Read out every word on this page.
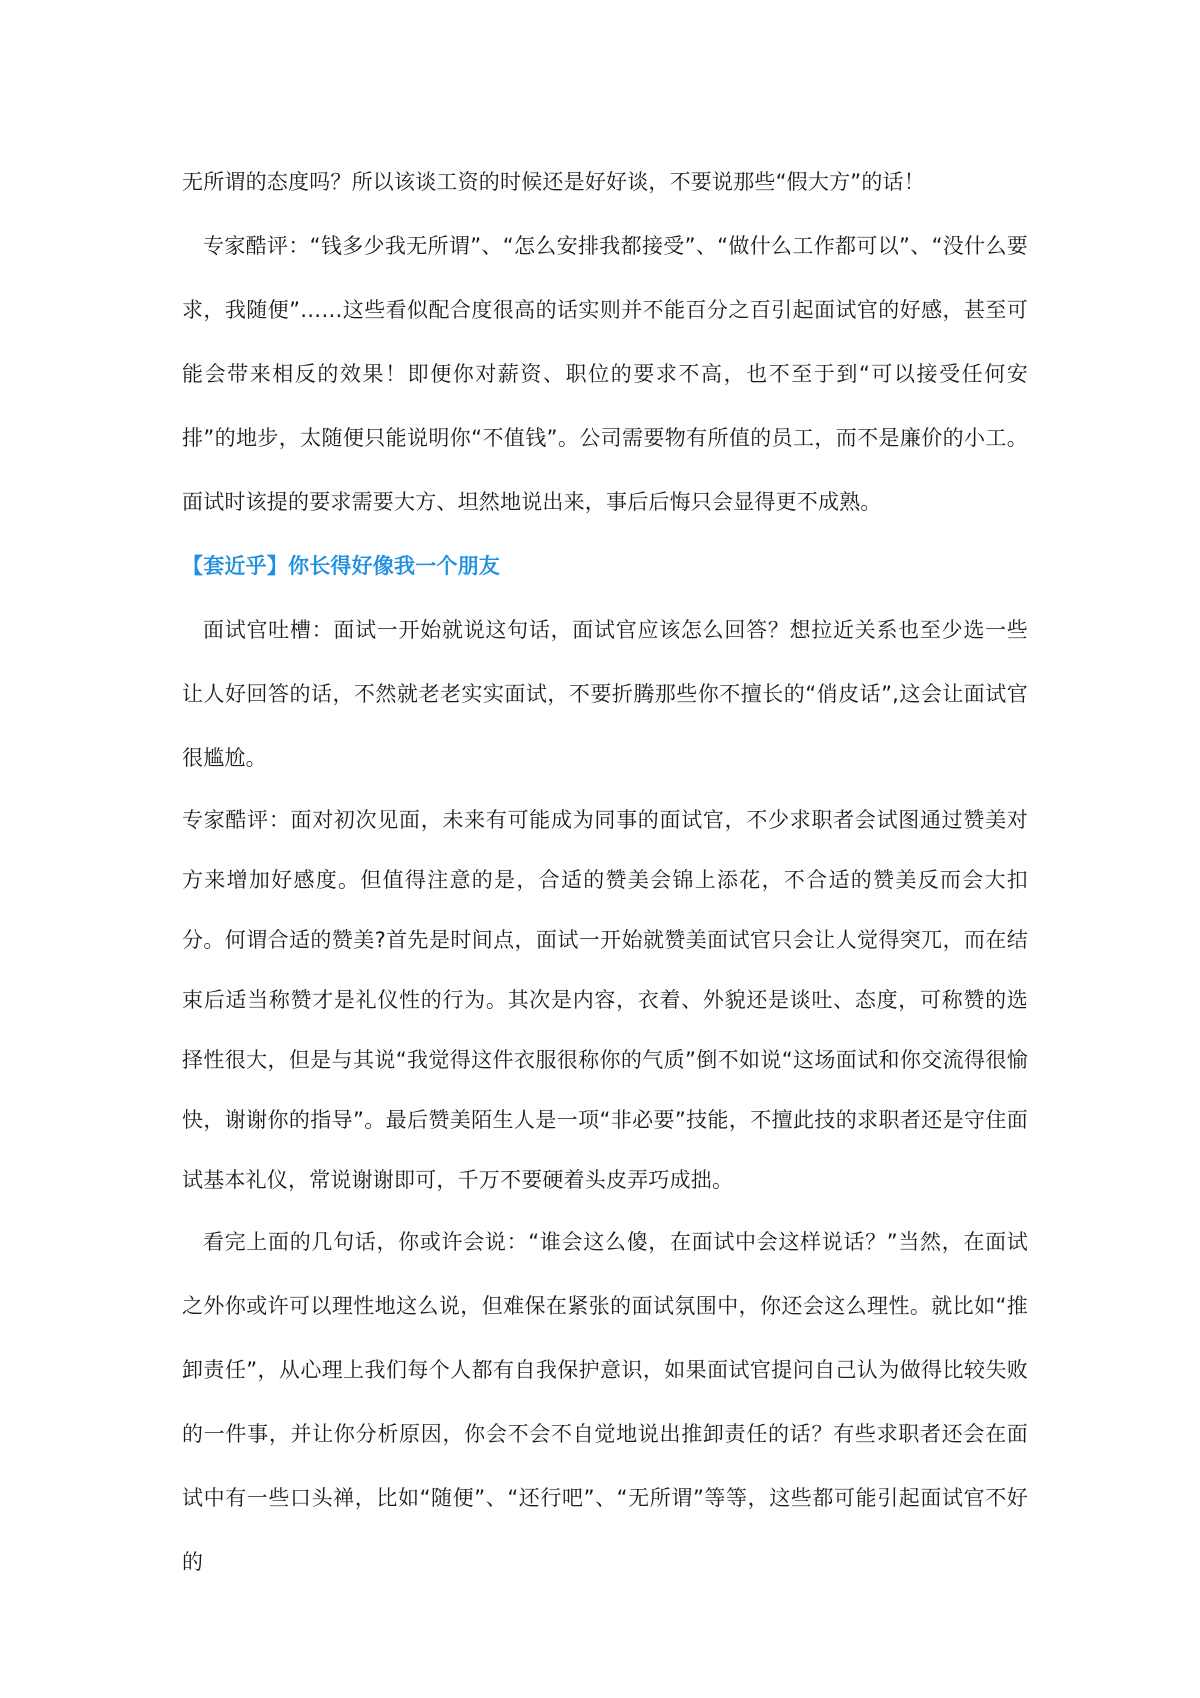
无所谓的态度吗？所以该谈工资的时候还是好好谈，不要说那些“假大方”的话！

专家酷评：“钱多少我无所谓”、“怎么安排我都接受”、“做什么工作都可以”、“没什么要求，我随便”……这些看似配合度很高的话实则并不能百分之百引起面试官的好感，甚至可能会带来相反的效果！即便你对薪资、职位的要求不高，也不至于到“可以接受任何安排”的地步，太随便只能说明你“不值钱”。公司需要物有所值的员工，而不是廉价的小工。面试时该提的要求需要大方、坦然地说出来，事后后悔只会显得更不成熟。

【套近乎】你长得好像我一个朋友

面试官吐槽：面试一开始就说这句话，面试官应该怎么回答？想拉近关系也至少选一些让人好回答的话，不然就老老实实面试，不要折腾那些你不擅长的“俏皮话”,这会让面试官很尴尬。

专家酷评：面对初次见面，未来有可能成为同事的面试官，不少求职者会试图通过赞美对方来增加好感度。但值得注意的是，合适的赞美会锦上添花，不合适的赞美反而会大扣分。何谓合适的赞美?首先是时间点，面试一开始就赞美面试官只会让人觉得突兀，而在结束后适当称赞才是礼仪性的行为。其次是内容，衣着、外貌还是谈吐、态度，可称赞的选择性很大，但是与其说“我觉得这件衣服很称你的气质”倒不如说“这场面试和你交流得很愉快，谢谢你的指导”。最后赞美陌生人是一项“非必要”技能，不擅此技的求职者还是守住面试基本礼仪，常说谢谢即可，千万不要硬着头皮弄巧成拙。

看完上面的几句话，你或许会说：“谁会这么傻，在面试中会这样说话？”当然，在面试之外你或许可以理性地这么说，但难保在紧张的面试氛围中，你还会这么理性。就比如“推卸责任”，从心理上我们每个人都有自我保护意识，如果面试官提问自己认为做得比较失败的一件事，并让你分析原因，你会不会不自觉地说出推卸责任的话？有些求职者还会在面试中有一些口头禅，比如“随便”、“还行吧”、“无所谓”等等，这些都可能引起面试官不好的
